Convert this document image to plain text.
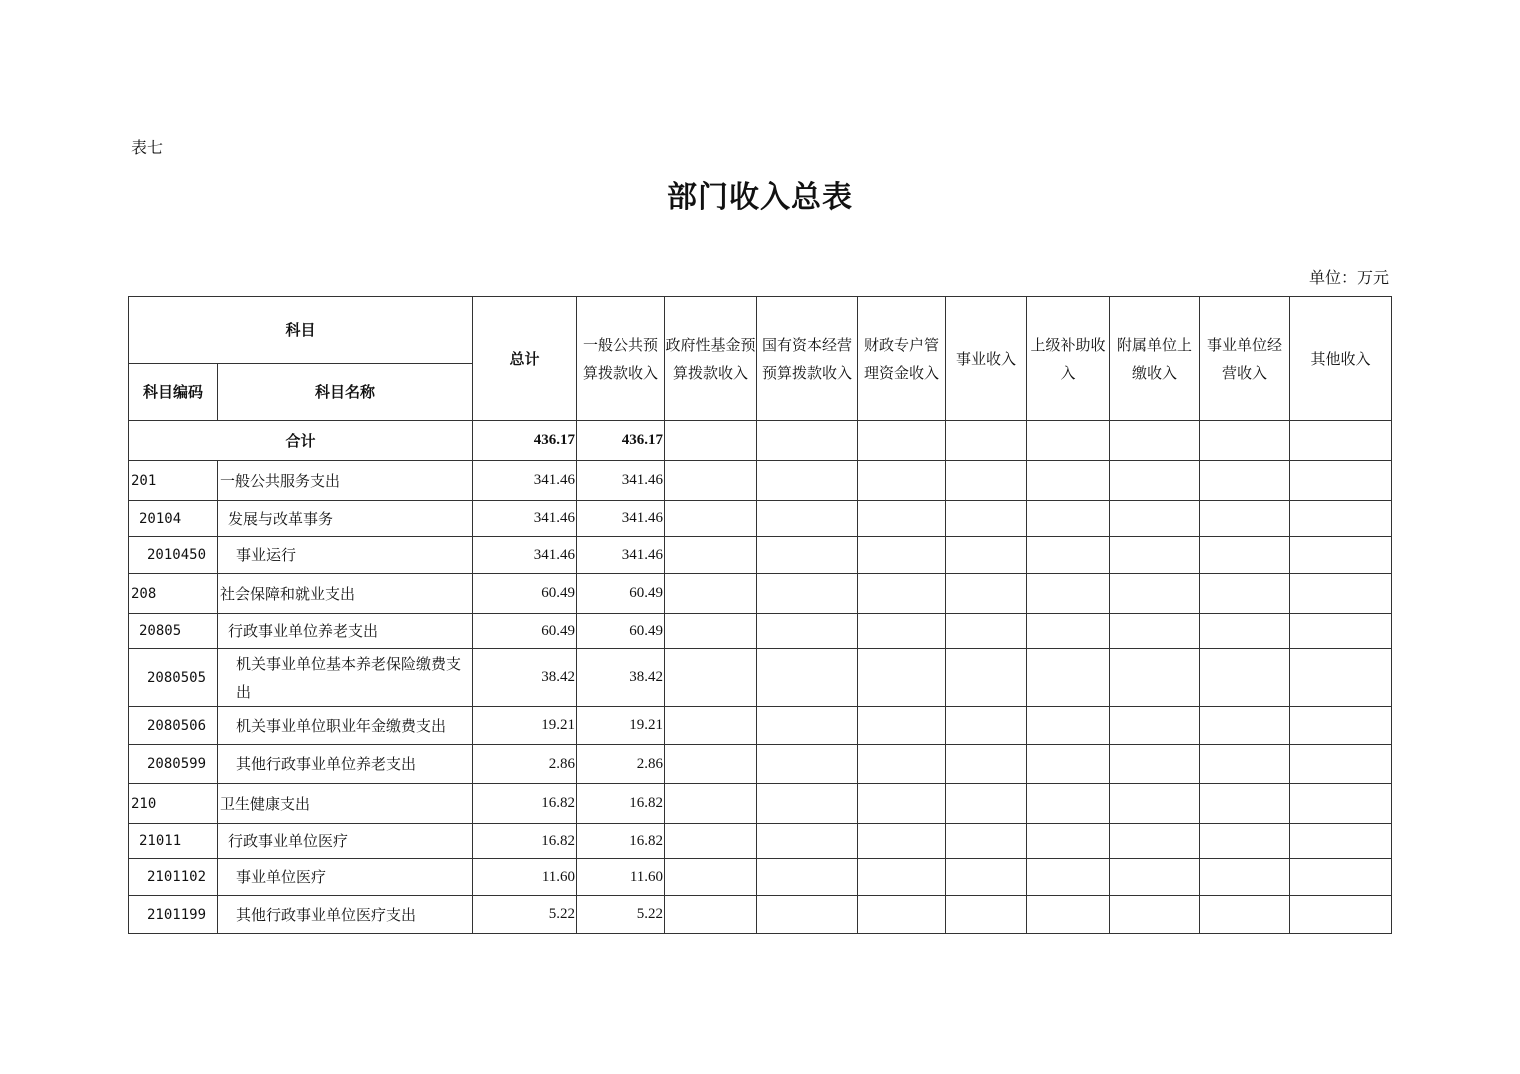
表七
部门收入总表
单位：万元
科目		总计	一般公共预算拨款收入	政府性基金预算拨款收入	国有资本经营预算拨款收入	财政专户管理资金收入	事业收入	上级补助收入	附属单位上缴收入	事业单位经营收入	其他收入
科目编码	科目名称										
合计		436.17	436.17								
201	一般公共服务支出	341.46	341.46								
20104	发展与改革事务	341.46	341.46								
2010450	事业运行	341.46	341.46								
208	社会保障和就业支出	60.49	60.49								
20805	行政事业单位养老支出	60.49	60.49								
2080505	机关事业单位基本养老保险缴费支出	38.42	38.42								
2080506	机关事业单位职业年金缴费支出	19.21	19.21								
2080599	其他行政事业单位养老支出	2.86	2.86								
210	卫生健康支出	16.82	16.82								
21011	行政事业单位医疗	16.82	16.82								
2101102	事业单位医疗	11.60	11.60								
2101199	其他行政事业单位医疗支出	5.22	5.22								
